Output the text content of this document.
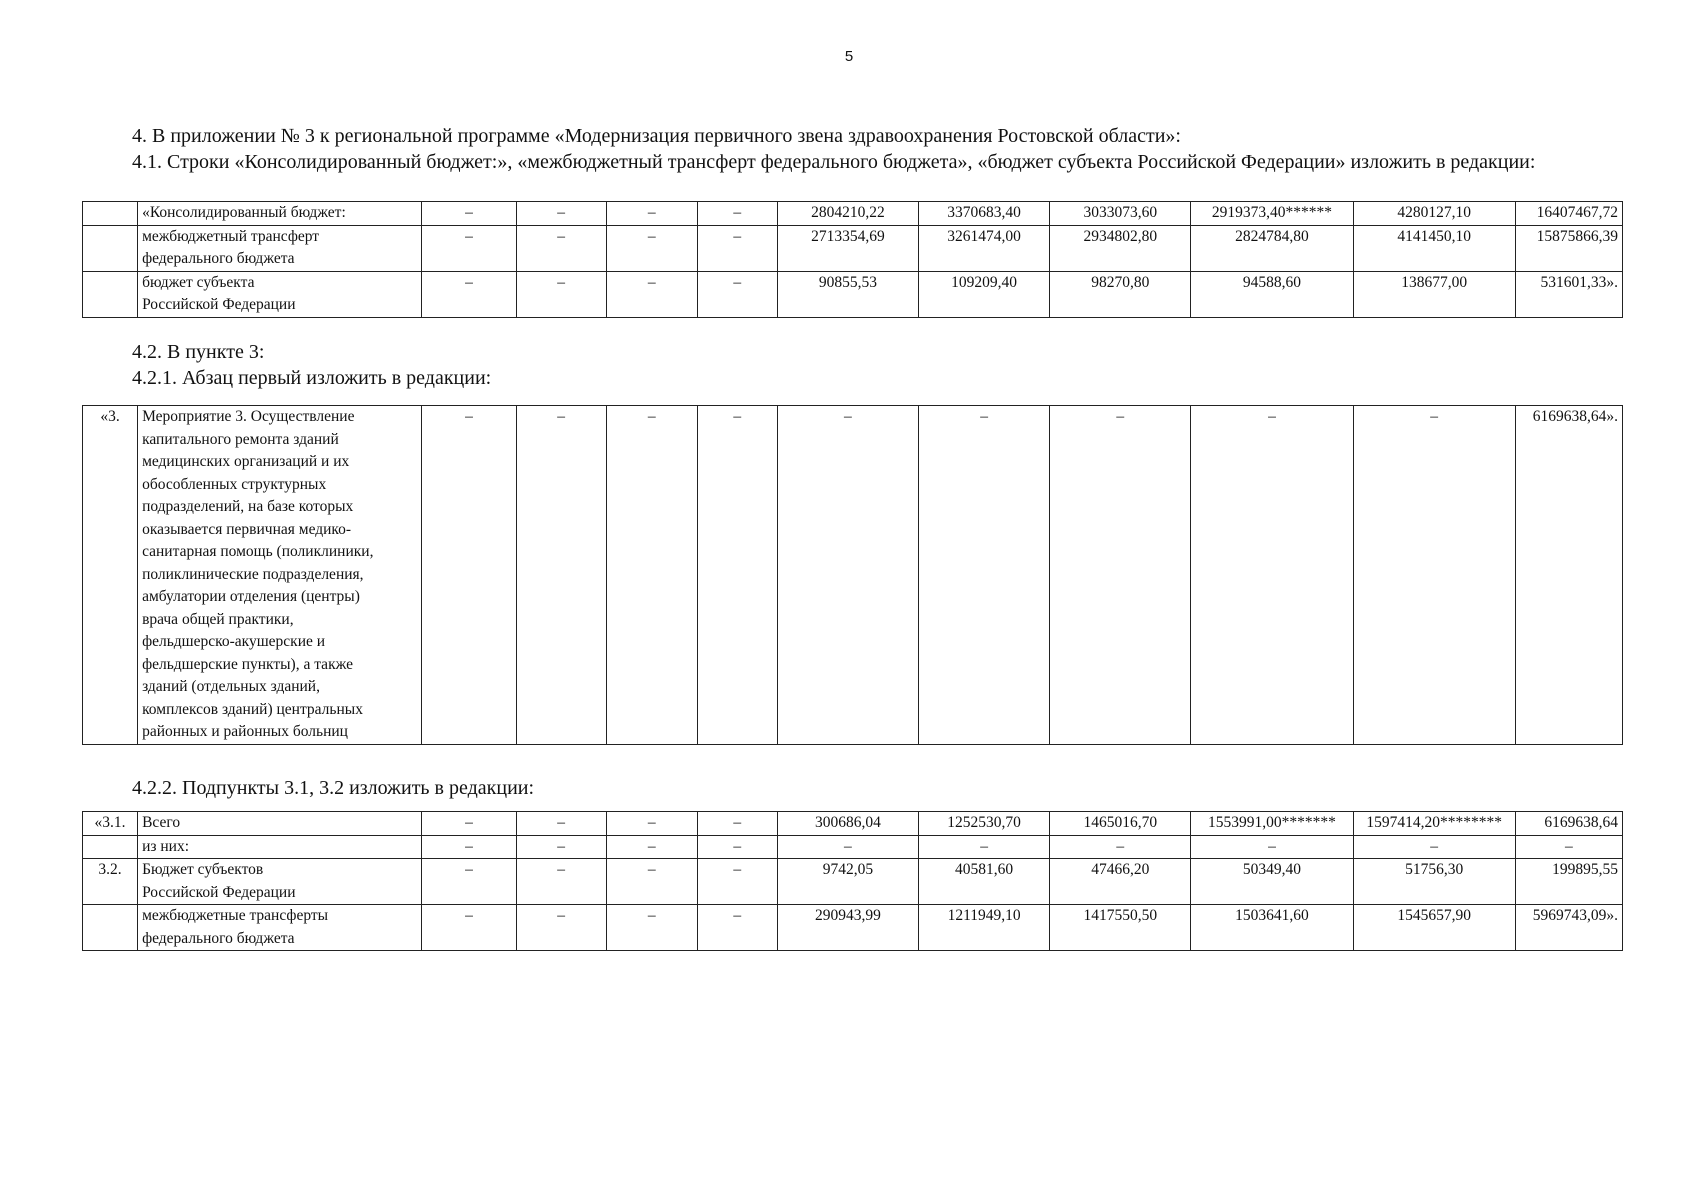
5
4. В приложении № 3 к региональной программе «Модернизация первичного звена здравоохранения Ростовской области»:
4.1. Строки «Консолидированный бюджет:», «межбюджетный трансферт федерального бюджета», «бюджет субъекта Российской Федерации» изложить в редакции:

	«Консолидированный бюджет:	–	–	–	–	2804210,22	3370683,40	3033073,60	2919373,40******	4280127,10	16407467,72

	межбюджетный трансферт
федерального бюджета	–	–	–	–	2713354,69	3261474,00	2934802,80	2824784,80	4141450,10	15875866,39

	бюджет субъекта
Российской Федерации	–	–	–	–	90855,53	109209,40	98270,80	94588,60	138677,00	531601,33».
4.2. В пункте 3:
4.2.1. Абзац первый изложить в редакции:
«3.	Мероприятие 3. Осуществление
капитального ремонта зданий
медицинских организаций и их
обособленных структурных
подразделений, на базе которых
оказывается первичная медико-
санитарная помощь (поликлиники,
поликлинические подразделения,
амбулатории отделения (центры)
врача общей практики,
фельдшерско-акушерские и
фельдшерские пункты), а также
зданий (отдельных зданий,
комплексов зданий) центральных
районных и районных больниц
	–	–	–	–	–	–	–	–	–	6169638,64».
4.2.2. Подпункты 3.1, 3.2 изложить в редакции:
«3.1.	Всего	–	–	–	–	300686,04	1252530,70	1465016,70	1553991,00*******	1597414,20********	6169638,64

	из них:	–	–	–	–	–	–	–	–	–	–
3.2.	Бюджет субъектов
Российской Федерации	–	–	–	–	9742,05	40581,60	47466,20	50349,40	51756,30	199895,55

	межбюджетные трансферты
федерального бюджета	–	–	–	–	290943,99	1211949,10	1417550,50	1503641,60	1545657,90	5969743,09».
